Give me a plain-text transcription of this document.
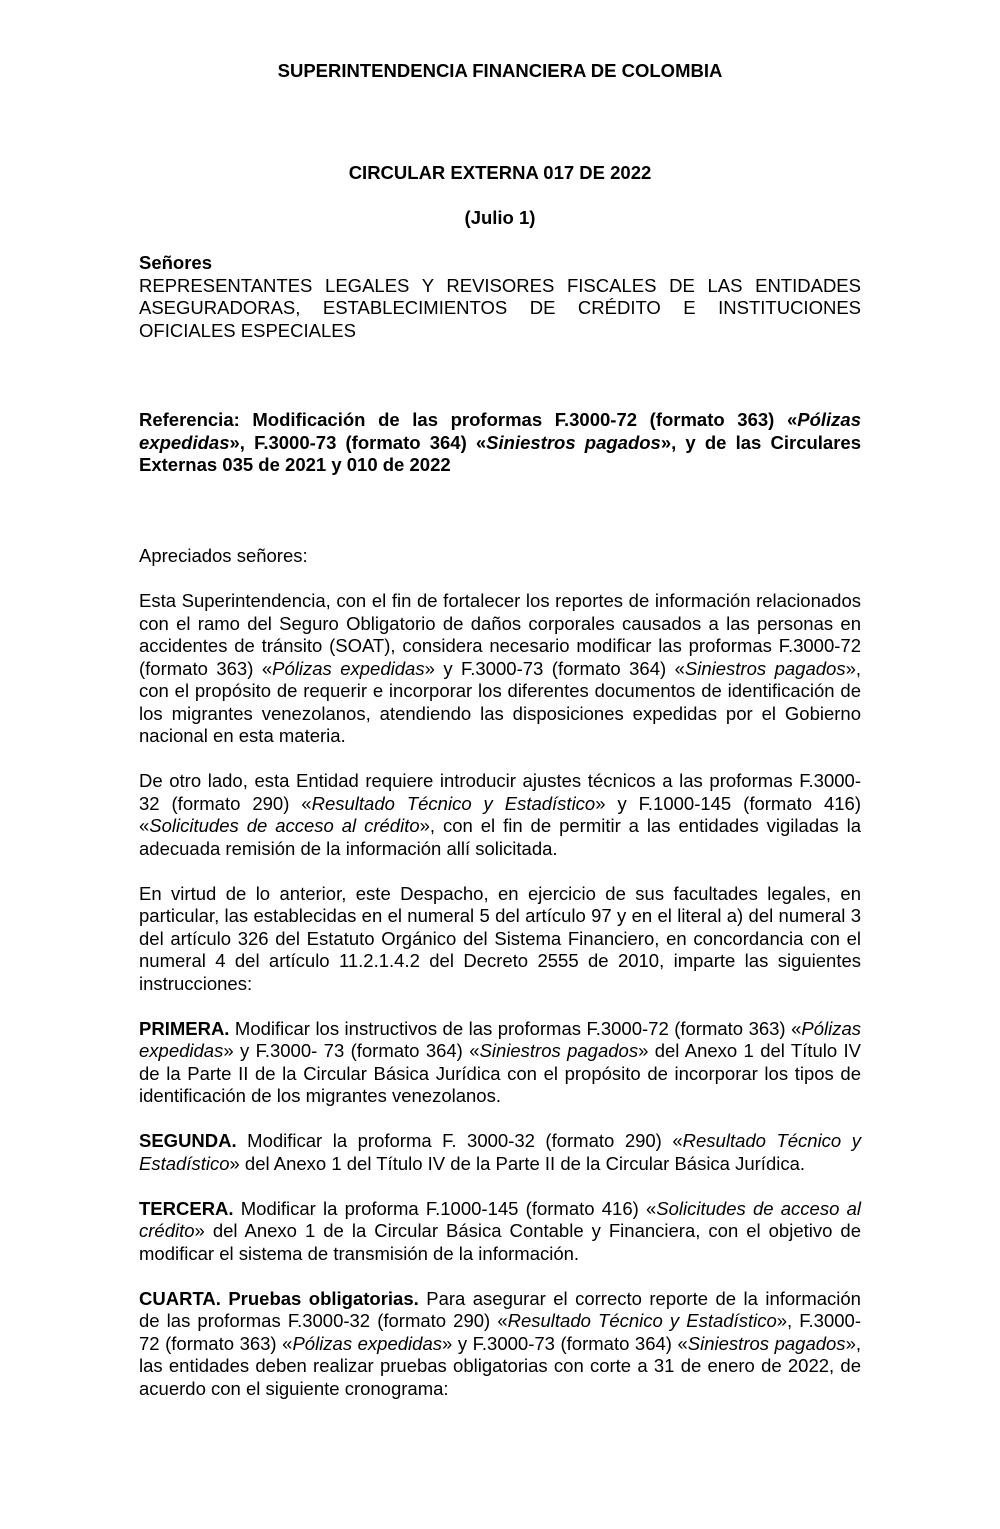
SUPERINTENDENCIA FINANCIERA DE COLOMBIA
CIRCULAR EXTERNA 017 DE 2022
(Julio 1)
Señores

REPRESENTANTES LEGALES Y REVISORES FISCALES DE LAS ENTIDADES ASEGURADORAS, ESTABLECIMIENTOS DE CRÉDITO E INSTITUCIONES OFICIALES ESPECIALES

Referencia: Modificación de las proformas F.3000-72 (formato 363) «Pólizas expedidas», F.3000-73 (formato 364) «Siniestros pagados», y de las Circulares Externas 035 de 2021 y 010 de 2022

Apreciados señores:

Esta Superintendencia, con el fin de fortalecer los reportes de información relacionados con el ramo del Seguro Obligatorio de daños corporales causados a las personas en accidentes de tránsito (SOAT), considera necesario modificar las proformas F.3000-72 (formato 363) «Pólizas expedidas» y F.3000-73 (formato 364) «Siniestros pagados», con el propósito de requerir e incorporar los diferentes documentos de identificación de los migrantes venezolanos, atendiendo las disposiciones expedidas por el Gobierno nacional en esta materia.

De otro lado, esta Entidad requiere introducir ajustes técnicos a las proformas F.3000-32 (formato 290) «Resultado Técnico y Estadístico» y F.1000-145 (formato 416) «Solicitudes de acceso al crédito», con el fin de permitir a las entidades vigiladas la adecuada remisión de la información allí solicitada.

En virtud de lo anterior, este Despacho, en ejercicio de sus facultades legales, en particular, las establecidas en el numeral 5 del artículo 97 y en el literal a) del numeral 3 del artículo 326 del Estatuto Orgánico del Sistema Financiero, en concordancia con el numeral 4 del artículo 11.2.1.4.2 del Decreto 2555 de 2010, imparte las siguientes instrucciones:

PRIMERA. Modificar los instructivos de las proformas F.3000-72 (formato 363) «Pólizas expedidas» y F.3000- 73 (formato 364) «Siniestros pagados» del Anexo 1 del Título IV de la Parte II de la Circular Básica Jurídica con el propósito de incorporar los tipos de identificación de los migrantes venezolanos.

SEGUNDA. Modificar la proforma F. 3000-32 (formato 290) «Resultado Técnico y Estadístico» del Anexo 1 del Título IV de la Parte II de la Circular Básica Jurídica.

TERCERA. Modificar la proforma F.1000-145 (formato 416) «Solicitudes de acceso al crédito» del Anexo 1 de la Circular Básica Contable y Financiera, con el objetivo de modificar el sistema de transmisión de la información.

CUARTA. Pruebas obligatorias. Para asegurar el correcto reporte de la información de las proformas F.3000-32 (formato 290) «Resultado Técnico y Estadístico», F.3000-72 (formato 363) «Pólizas expedidas» y F.3000-73 (formato 364) «Siniestros pagados», las entidades deben realizar pruebas obligatorias con corte a 31 de enero de 2022, de acuerdo con el siguiente cronograma:
